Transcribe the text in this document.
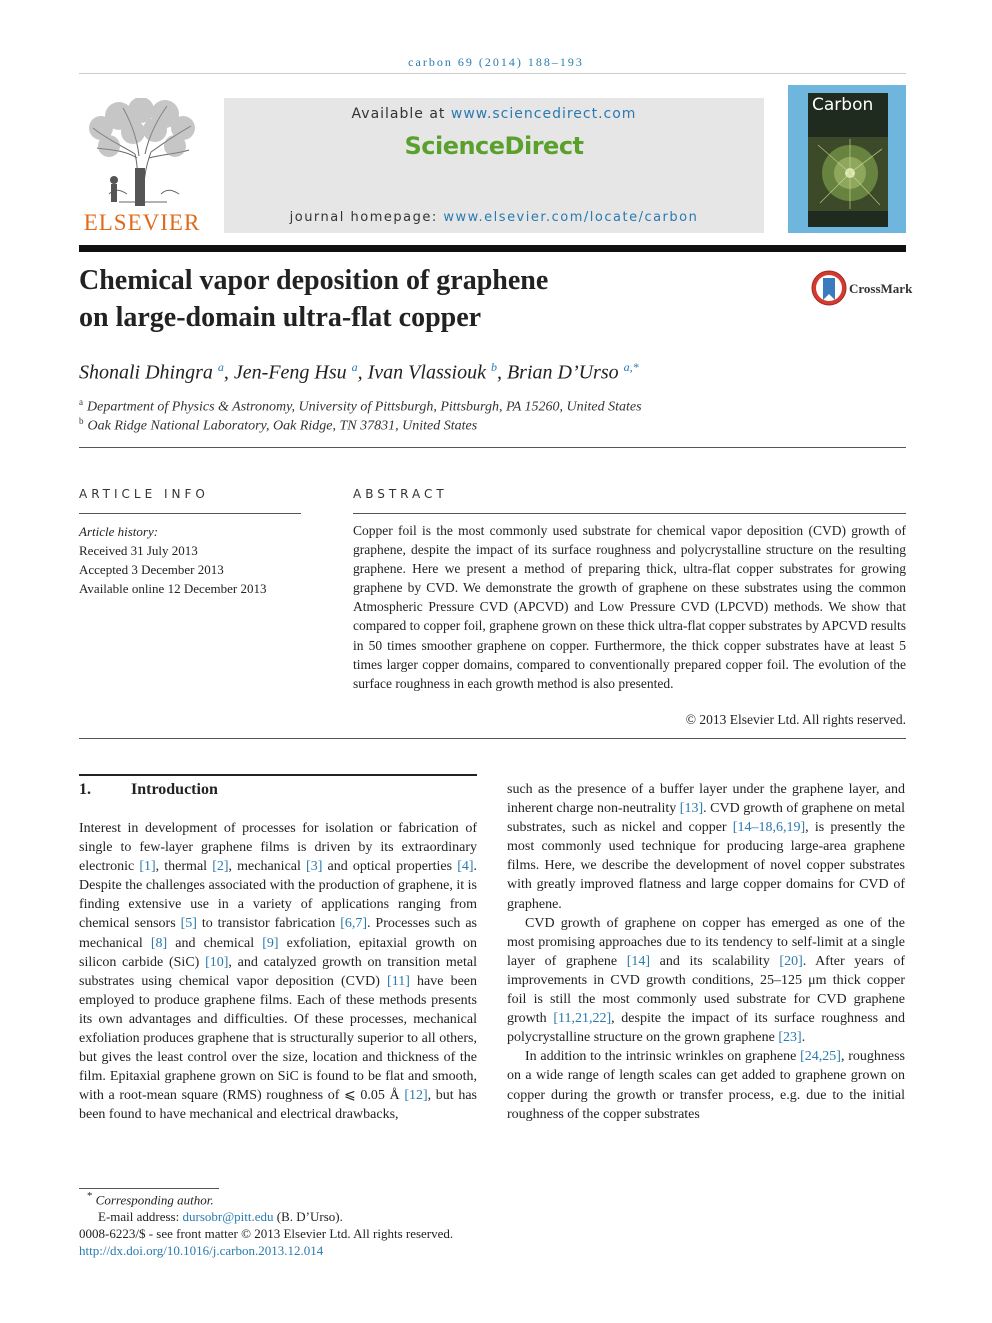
carbon 69 (2014) 188–193
ELSEVIER
Available at www.sciencedirect.com
ScienceDirect
journal homepage: www.elsevier.com/locate/carbon
Carbon
Chemical vapor deposition of graphene
on large-domain ultra-flat copper
CrossMark
Shonali Dhingra $^a$, Jen-Feng Hsu $^a$, Ivan Vlassiouk $^b$, Brian D’Urso $^{a,*}$
$^a$ Department of Physics & Astronomy, University of Pittsburgh, Pittsburgh, PA 15260, United States
$^b$ Oak Ridge National Laboratory, Oak Ridge, TN 37831, United States
ARTICLE INFO
Article history:
Received 31 July 2013
Accepted 3 December 2013
Available online 12 December 2013
ABSTRACT
Copper foil is the most commonly used substrate for chemical vapor deposition (CVD) growth of graphene, despite the impact of its surface roughness and polycrystalline structure on the resulting graphene. Here we present a method of preparing thick, ultra-flat copper substrates for growing graphene by CVD. We demonstrate the growth of graphene on these substrates using the common Atmospheric Pressure CVD (APCVD) and Low Pressure CVD (LPCVD) methods. We show that compared to copper foil, graphene grown on these thick ultra-flat copper substrates by APCVD results in 50 times smoother graphene on copper. Furthermore, the thick copper substrates have at least 5 times larger copper domains, compared to conventionally prepared copper foil. The evolution of the surface roughness in each growth method is also presented.
© 2013 Elsevier Ltd. All rights reserved.
1.	Introduction

Interest in development of processes for isolation or fabrication of single to few-layer graphene films is driven by its extraordinary electronic [1], thermal [2], mechanical [3] and optical properties [4]. Despite the challenges associated with the production of graphene, it is finding extensive use in a variety of applications ranging from chemical sensors [5] to transistor fabrication [6,7]. Processes such as mechanical [8] and chemical [9] exfoliation, epitaxial growth on silicon carbide (SiC) [10], and catalyzed growth on transition metal substrates using chemical vapor deposition (CVD) [11] have been employed to produce graphene films. Each of these methods presents its own advantages and difficulties. Of these processes, mechanical exfoliation produces graphene that is structurally superior to all others, but gives the least control over the size, location and thickness of the film. Epitaxial graphene grown on SiC is found to be flat and smooth, with a root-mean square (RMS) roughness of ⩽ 0.05 Å [12], but has been found to have mechanical and electrical drawbacks,

such as the presence of a buffer layer under the graphene layer, and inherent charge non-neutrality [13]. CVD growth of graphene on metal substrates, such as nickel and copper [14–18,6,19], is presently the most commonly used technique for producing large-area graphene films. Here, we describe the development of novel copper substrates with greatly improved flatness and large copper domains for CVD of graphene.

CVD growth of graphene on copper has emerged as one of the most promising approaches due to its tendency to self-limit at a single layer of graphene [14] and its scalability [20]. After years of improvements in CVD growth conditions, 25–125 μm thick copper foil is still the most commonly used substrate for CVD graphene growth [11,21,22], despite the impact of its surface roughness and polycrystalline structure on the grown graphene [23].

In addition to the intrinsic wrinkles on graphene [24,25], roughness on a wide range of length scales can get added to graphene grown on copper during the growth or transfer process, e.g. due to the initial roughness of the copper substrates

* Corresponding author.
E-mail address: dursobr@pitt.edu (B. D’Urso).
0008-6223/$ - see front matter © 2013 Elsevier Ltd. All rights reserved.
http://dx.doi.org/10.1016/j.carbon.2013.12.014
